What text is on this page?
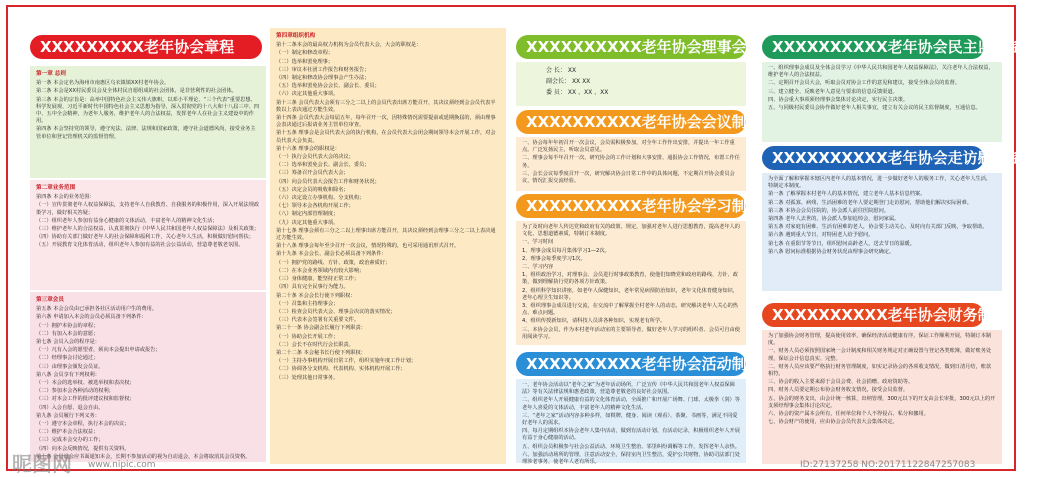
XXXXXXXXX老年协会章程
第一章 总则

第一条 本会定名为海州市南惠区乌衣镇镇XX村老年协会。

第二条 本会是XX村民委员会及全体村民自愿组成的社会团体，是非营利性的社会团体。

第三条 本会的宗旨是：高举中国特色社会主义伟大旗帜，以邓小平理论、“三个代表”重要思想、科学发展观、习近平新时代中国特色社会主义思想为指导，深入贯彻党的十八大和十八届三中、四中、五中全会精神，为老年人服务，维护老年人的合法权益，发挥老年人在社会主义建设中的作用。

第四条 本会坚持党的领导，遵守宪法、法律、法规和国家政策，遵守社会道德风尚，接受业务主管单位和登记管理机关的监督管理。

第二章业务范围

第四条 本会的业务范围：

（一）宣传贯彻老年人权益保障法，支持老年人自我教育、自我服务的积极作用，深入开展法规政策学习，做好相关答疑；

（二）组织老年人参加有益身心健康的文体活动，丰富老年人的精神文化生活；

（三）维护老年人的合法权益，认真贯彻执行《中华人民共和国老年人权益保障法》及相关政策；

（四）协助有关部门做好老年人的社会保障和福利工作，关心老年人生活，积极做好慰问帮扶；

（五）开展教育文化体育活动，组织老年人参加有益的社会公益活动，营造尊老敬老氛围。

第三章会员

第五条 本会会员由已承担各社区活动用户生的费用。

第六条 申请加入本会的会员必须具备下列条件：

（一）拥护本协会的章程；

（二）有加入本会的意愿；

第七条 会员入会的程序是：

（一）凡有入会的愿望者，须向本会提出申请或报告；

（二）经理事会讨论通过；

（三）由理事会颁发会员证。

第八条 会员享有下列权利：

（一）本会的选举权、被选举权和表决权；

（二）参加本会各种活动的权利；

（三）对本会工作的批评建议权和监督权；

（四）入会自愿、退会自由。

第九条 会员履行下列义务：

（一）遵守本会章程，执行本会的决议；

（二）维护本会合法权益；

（三）完成本会交办的工作；

（四）向本会反映情况，提供有关资料。

第十条 会员退会应书面通知本会，长期不参加活动的视为自动退会，本会将取消其会员资格。

第四章组织机构

第十二条本会的最高权力机构为会员代表大会，大会的职权是：

（一）制定和修改章程；

（二）选举和罢免理事；

（三）审议本社团工作报告和财务报告；

（四）制定和修改协会理事会产生办法；

（五）选举和罢免协会会长、副会长、委员；

（六）决定其他重大事项。

第十三条 会员代表大会须有三分之二以上的会员代表出席方能召开，其决议须经到会会员代表半数以上表决通过方能生效。

第十四条 会员代表大会每届五年，每年召开一次，因特殊情况需要提前或延期换届的，须由理事会表决通过后报请业务主管单位审查。

第十五条 理事会是会员代表大会的执行机构，在会员代表大会闭会期间领导本会开展工作，对会员代表大会负责。

第十六条 理事会的职权是：

（一）执行会员代表大会的决议；

（二）选举和罢免会长、副会长、委员；

（三）筹备召开会员代表大会；

（四）向会员代表大会报告工作和财务状况；

（五）决定会员的吸收和除名；

（六）决定设立办事机构、分支机构；

（七）领导本会各机构开展工作；

（八）制定内部管理制度；

（九）决定其他重大事项。

第十七条 理事会须有三分之二以上理事出席方能召开，其决议须经到会理事三分之二以上表决通过方能生效。

第十八条 理事会每年至少召开一次会议，情况特殊的，也可采用通讯形式召开。

第十九条 本会会长、副会长必须具备下列条件：

（一）拥护党的路线、方针、政策，政治素质好；

（二）在本会业务领域内有较大影响；

（三）身体健康，能坚持正常工作；

（四）具有完全民事行为能力。

第二十条 本会会长行使下列职权：

（一）召集和主持理事会；

（二）检查会员代表大会、理事会决议的落实情况；

（三）代表本会签署有关重要文件。

第二十一条 协会副会长履行下列职责：

（一）协助会长开展工作；

（二）会长不在时代行会长职责。

第二十二条 本会秘书长行使下列职权：

（一）主持办事机构开展日常工作，组织实施年度工作计划；

（二）协调各分支机构、代表机构、实体机构开展工作；

（三）处理其他日常事务。

XXXXXXXXXX老年协会理事会
会 长： XX
副会长： XX XX
委 员： XX 、XX 、XX
XXXXXXXXXX老年协会会议制度

一、协会每年年初召开一次会议，会员需积极参加，对全年工作作出安排，并提出一年工作重点。广泛发扬民主，听取会员意见。

二、理事会每半年召开一次，研究协会的工作计划和大事安排，通报协会工作情况，布置工作任务。

三、会长会议每季度召开一次，研究解决协会日常工作中的具体问题，不定期召开协会委员会议，情况汇报交流经验。

XXXXXXXXXX老年协会学习制度

为了及时向老年人传达党和政府有关的政策、规定，加强对老年人进行思想教育，提高老年人的文化、思想道德素质，特制订本制度。

一、学习时间

1、理事会成员每月集体学习1—2次。

2、理事会每季度学习1次。

二、学习内容

1、组织政治学习，对理事会、会员进行时事政策教育，使他们知晓党和政府的路线、方针、政策，做到理解执行党的各项方针政策。

2、组织科学知识讲座，如老年人保健知识，老年常见病预防治知识，老年文化体育健身知识，老年心理卫生知识等。

3、组织理事会成员进行交流，在交流中了解掌握全村老年人的动态，研究解决老年人关心的热点、难点问题。

4、组织传授新知识，请科技人员讲各种知识，实现老有所学。

三、本协会会员，作为本村老年活动室的主要领导者，做好老年人学习的组织者、会员可自由使用阅读学习。

XXXXXXXXXX老年协会活动制度

一、老年协会活动以“老年之家”为老年活动场所，广泛宣传《中华人民共和国老年人权益保障法》等有关法律法规和惠老政策，营造尊老敬老的良好社会氛围。

二、组织老年人开展健康有益的文化体育活动，全面推广和开展广场舞、门球、太极拳（剑）等老年人喜爱的文体活动，丰富老年人的精神文化生活。

三、“老年之家”活动内容多种多样，如棋牌、健身、阅读（观看）、茶聚、书画等，满足不同爱好老年人的需求。

四、每月定期组织本协会老年人集中活动，做到有活动计划、有活动记录，积极组织老年人开展有益于身心健康的活动。

五、组织会员积极参与社会公益活动、环境卫生整治、邻里纠纷调解等工作，发挥老年人余热。

六、加强活动场所的管理，注意活动安全，保持室内卫生整洁，爱护公共财物，协助司法部门处理涉老事务，使老年人老有所乐。

XXXXXXXXXX老年协会民主监督制度

一、组织理事会成员及全体会员学习《中华人民共和国老年人权益保障法》，关注老年人合法权益，维护老年人的合法权益。

二、定期召开会员大会，听取会员对协会工作的意见和建议，接受全体会员的监督。

三、建立健全、反映老年人意见与要求的信息反馈渠道。

四、协会重大事项须经理事会集体讨论决定，实行民主决策。

五、与同级村民委员会协作做好老年人相关事宜，建立有关会议的民主监督制度，互通信息。

XXXXXXXXXX老年协会走访慰问制度

为全面了解和掌握本辖区内老年人的基本情况，进一步做好老年人的服务工作，关心老年人生活，特制定本制度。

第一条 了解掌握本村老年人的基本情况，建立老年人基本信息档案。

第二条 对孤寡、病残、生活困难的老年人要定期登门走访慰问，帮助他们解决实际困难。

第三条 本协会会员住院的，协会派人前往医院慰问。

第四条 老年人去世的，协会派人参加追悼会，慰问家属。

第五条 对家庭有困难、生活有困难的老人，协会要主动关心，及时向有关部门反映，争取帮助。

第六条 遇到重大节日，对特困老人给予慰问。

第七条 在重阳节等节日，组织慰问高龄老人，送去节日的温暖。

第八条 慰问标准根据协会财务状况由理事会研究确定。

XXXXXXXXXX老年协会财务制度

为了加强协会财务管理，提高使用效率，确保经济活动健康有序，保证工作顺利开展，特制订本制度。

一、财务人员必须按照国家统一会计制度和相关财务规定对正确设置与登记各类账簿，做好账务处理，保证会计信息真实、完整。

二、财务人员应该要严格执行财务管理制度，如实记录协会的各项收支情况，做到日清月结，账款相符。

三、协会的收入主要来源于会员会费、社会捐赠、政府资助等。

四、财务人员要定期公布协会财务收支情况，接受会员监督。

五、协会的财务支出，由会计统一核算，出纳管理，300元以下的开支由会长审批，300元以上的开支须经理事会集体讨论决定。

六、协会的资产属本会所有，任何单位和个人不得侵占、私分和挪用。

七、协会财产的使用，应由协会会员代表大会集体决定。

昵图网 www.nipic.com	ID:27137258 NO:20171122847257083
